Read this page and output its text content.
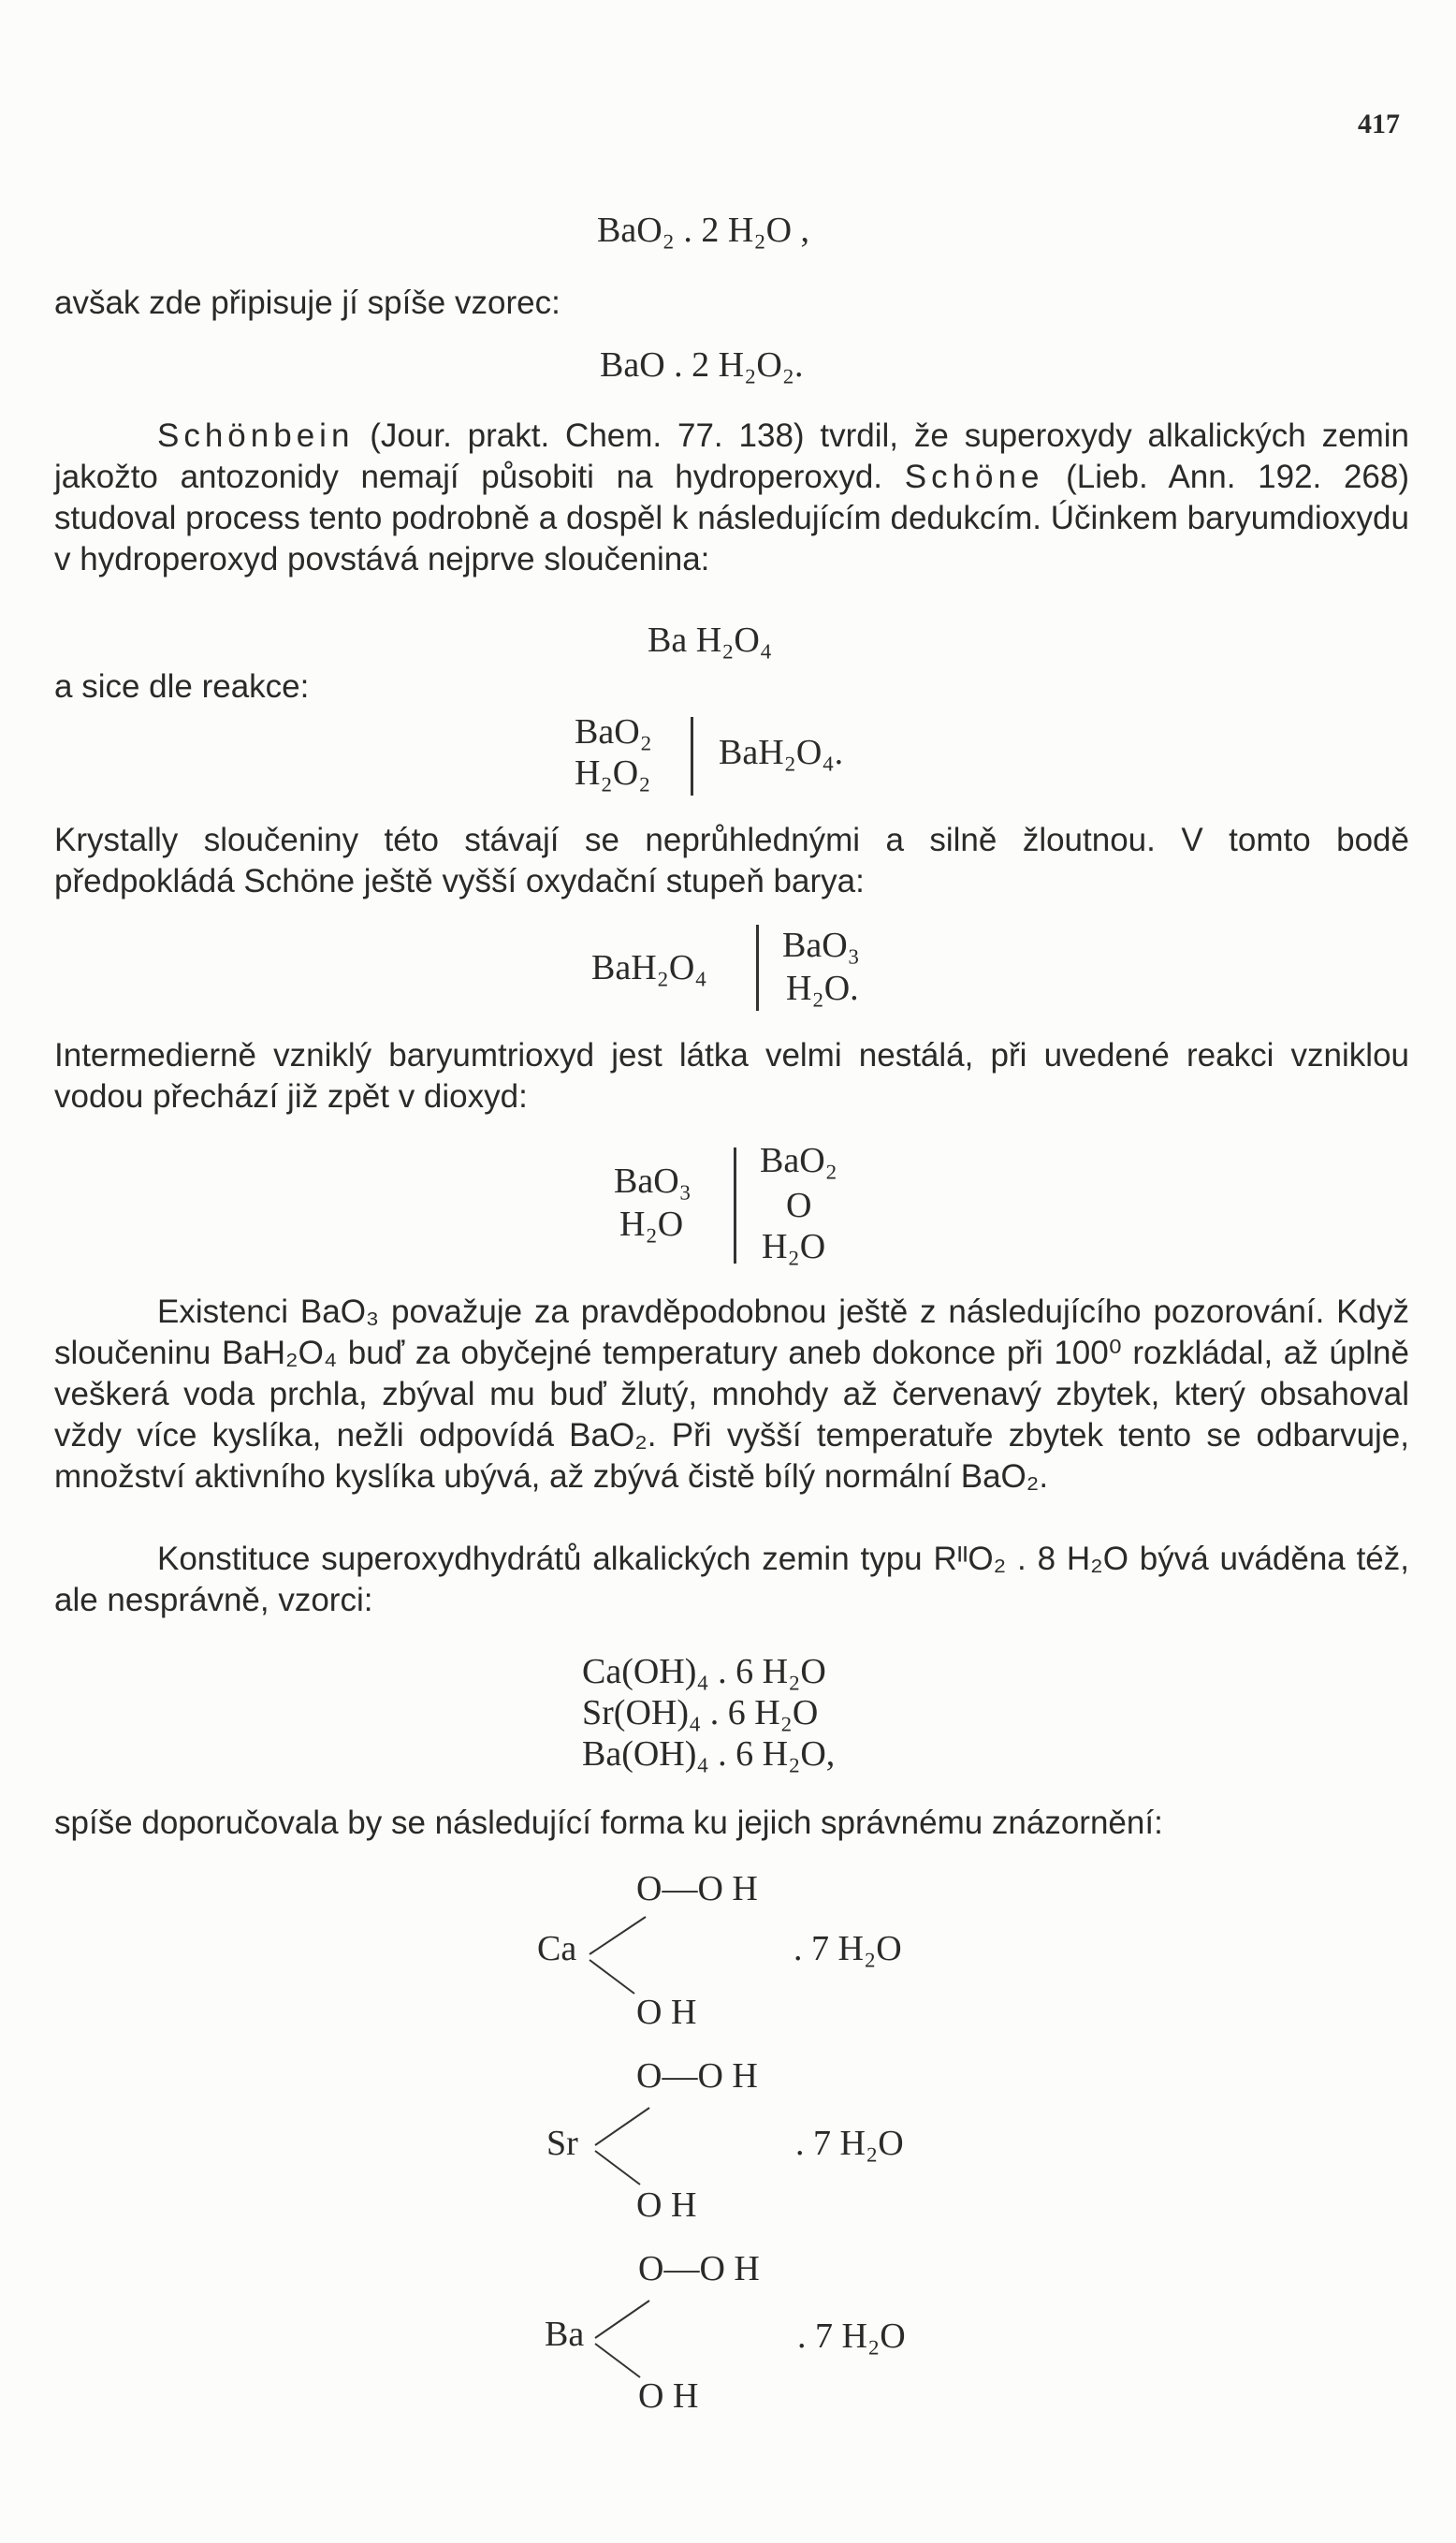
417
BaO₂ . 2 H₂O ,
avšak zde připisuje jí spíše vzorec:
BaO . 2 H₂O₂.
Schönbein (Jour. prakt. Chem. 77. 138) tvrdil, že superoxydy alkalických zemin jakožto antozonidy nemají působiti na hydroperoxyd. Schöne (Lieb. Ann. 192. 268) studoval process tento podrobně a dospěl k následujícím dedukcím. Účinkem baryumdioxydu v hydroperoxyd povstává nejprve sloučenina:
Ba H₂O₄
a sice dle reakce:
BaO₂
H₂O₂
BaH₂O₄.
Krystally sloučeniny této stávají se neprůhlednými a silně žloutnou. V tomto bodě předpokládá Schöne ještě vyšší oxydační stupeň baryа:
BaH₂O₄
BaO₃
H₂O.
Intermedierně vzniklý baryumtrioxyd jest látka velmi nestálá, při uvedené reakci vzniklou vodou přechází již zpět v dioxyd:
BaO₃
H₂O
BaO₂
O
H₂O
Existenci BaO₃ považuje za pravděpodobnou ještě z následujícího pozorování. Když sloučeninu BaH₂O₄ buď za obyčejné temperatury aneb dokonce při 100⁰ rozkládal, až úplně veškerá voda prchla, zbýval mu buď žlutý, mnohdy až červenavý zbytek, který obsahoval vždy více kyslíka, nežli odpovídá BaO₂. Při vyšší temperatuře zbytek tento se odbarvuje, množství aktivního kyslíka ubývá, až zbývá čistě bílý normální BaO₂.
Konstituce superoxydhydrátů alkalických zemin typu RᴵᴵO₂ . 8 H₂O bývá uváděna též, ale nesprávně, vzorci:
Ca(OH)₄ . 6 H₂O
Sr(OH)₄ . 6 H₂O
Ba(OH)₄ . 6 H₂O,
spíše doporučovala by se následující forma ku jejich správnému znázornění:
O—O H
Ca
O H
. 7 H₂O
O—O H
Sr
O H
. 7 H₂O
O—O H
Ba
O H
. 7 H₂O
